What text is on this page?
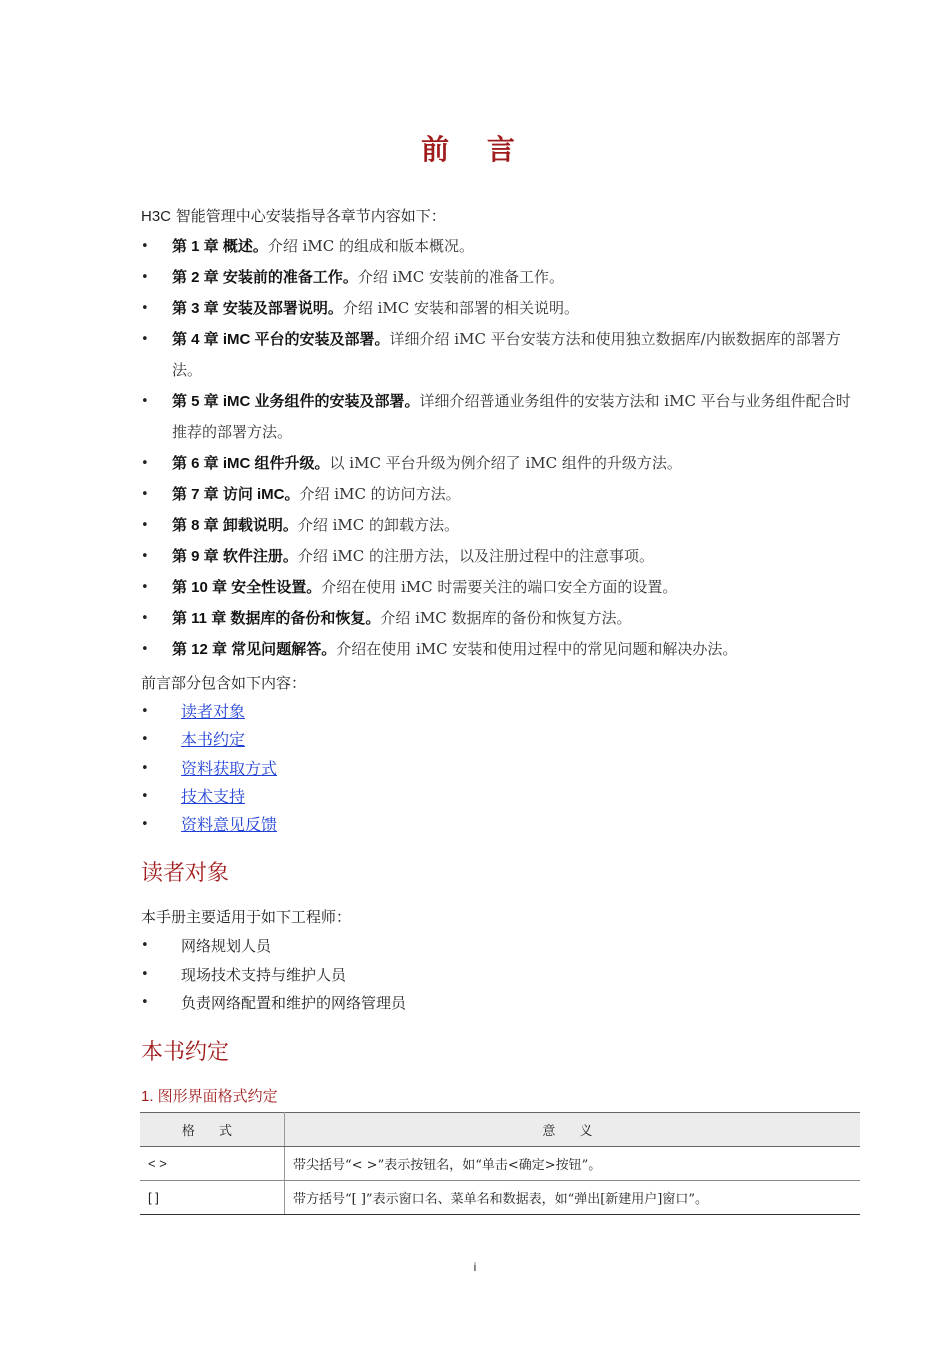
前 言

H3C 智能管理中心安装指导各章节内容如下：

• 第 1 章 概述。介绍 iMC 的组成和版本概况。
• 第 2 章 安装前的准备工作。介绍 iMC 安装前的准备工作。
• 第 3 章 安装及部署说明。介绍 iMC 安装和部署的相关说明。
• 第 4 章 iMC 平台的安装及部署。详细介绍 iMC 平台安装方法和使用独立数据库/内嵌数据库的部署方法。
• 第 5 章 iMC 业务组件的安装及部署。详细介绍普通业务组件的安装方法和 iMC 平台与业务组件配合时推荐的部署方法。
• 第 6 章 iMC 组件升级。以 iMC 平台升级为例介绍了 iMC 组件的升级方法。
• 第 7 章 访问 iMC。介绍 iMC 的访问方法。
• 第 8 章 卸载说明。介绍 iMC 的卸载方法。
• 第 9 章 软件注册。介绍 iMC 的注册方法，以及注册过程中的注意事项。
• 第 10 章 安全性设置。介绍在使用 iMC 时需要关注的端口安全方面的设置。
• 第 11 章 数据库的备份和恢复。介绍 iMC 数据库的备份和恢复方法。
• 第 12 章 常见问题解答。介绍在使用 iMC 安装和使用过程中的常见问题和解决办法。

前言部分包含如下内容：

• 读者对象
• 本书约定
• 资料获取方式
• 技术支持
• 资料意见反馈
读者对象

本手册主要适用于如下工程师：

• 网络规划人员
• 现场技术支持与维护人员
• 负责网络配置和维护的网络管理员
本书约定
1. 图形界面格式约定
格 式	意 义
< >	带尖括号“< >”表示按钮名，如“单击<确定>按钮”。
[ ]	带方括号“[ ]”表示窗口名、菜单名和数据表，如“弹出[新建用户]窗口”。

i
